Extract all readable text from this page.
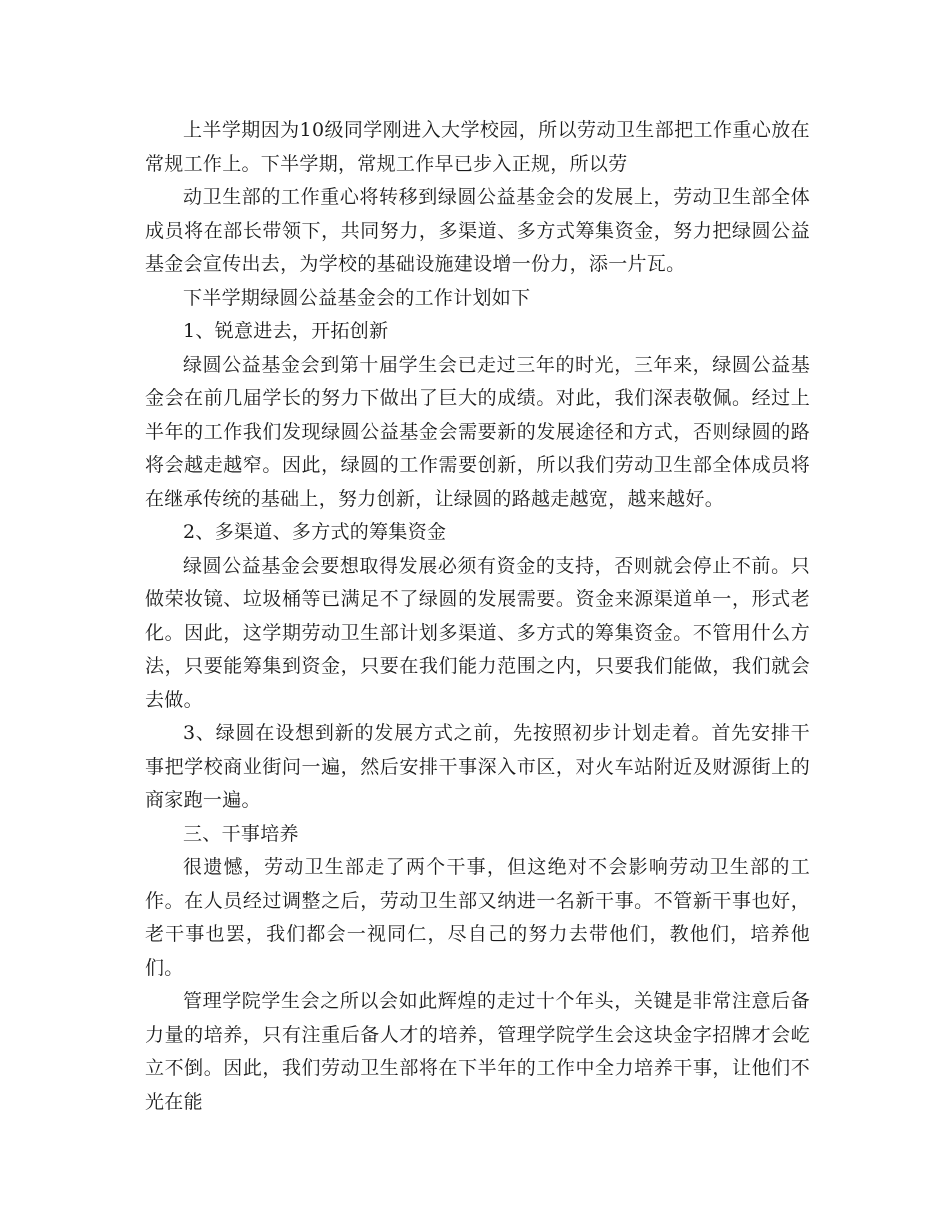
上半学期因为10级同学刚进入大学校园，所以劳动卫生部把工作重心放在常规工作上。下半学期，常规工作早已步入正规，所以劳

动卫生部的工作重心将转移到绿圆公益基金会的发展上，劳动卫生部全体成员将在部长带领下，共同努力，多渠道、多方式筹集资金，努力把绿圆公益基金会宣传出去，为学校的基础设施建设增一份力，添一片瓦。

下半学期绿圆公益基金会的工作计划如下

1、锐意进去，开拓创新

绿圆公益基金会到第十届学生会已走过三年的时光，三年来，绿圆公益基金会在前几届学长的努力下做出了巨大的成绩。对此，我们深表敬佩。经过上半年的工作我们发现绿圆公益基金会需要新的发展途径和方式，否则绿圆的路将会越走越窄。因此，绿圆的工作需要创新，所以我们劳动卫生部全体成员将在继承传统的基础上，努力创新，让绿圆的路越走越宽，越来越好。

2、多渠道、多方式的筹集资金

绿圆公益基金会要想取得发展必须有资金的支持，否则就会停止不前。只做荣妆镜、垃圾桶等已满足不了绿圆的发展需要。资金来源渠道单一，形式老化。因此，这学期劳动卫生部计划多渠道、多方式的筹集资金。不管用什么方法，只要能筹集到资金，只要在我们能力范围之内，只要我们能做，我们就会去做。

3、绿圆在设想到新的发展方式之前，先按照初步计划走着。首先安排干事把学校商业街问一遍，然后安排干事深入市区，对火车站附近及财源街上的商家跑一遍。

三、干事培养

很遗憾，劳动卫生部走了两个干事，但这绝对不会影响劳动卫生部的工作。在人员经过调整之后，劳动卫生部又纳进一名新干事。不管新干事也好，老干事也罢，我们都会一视同仁，尽自己的努力去带他们，教他们，培养他们。

管理学院学生会之所以会如此辉煌的走过十个年头，关键是非常注意后备力量的培养，只有注重后备人才的培养，管理学院学生会这块金字招牌才会屹立不倒。因此，我们劳动卫生部将在下半年的工作中全力培养干事，让他们不光在能
